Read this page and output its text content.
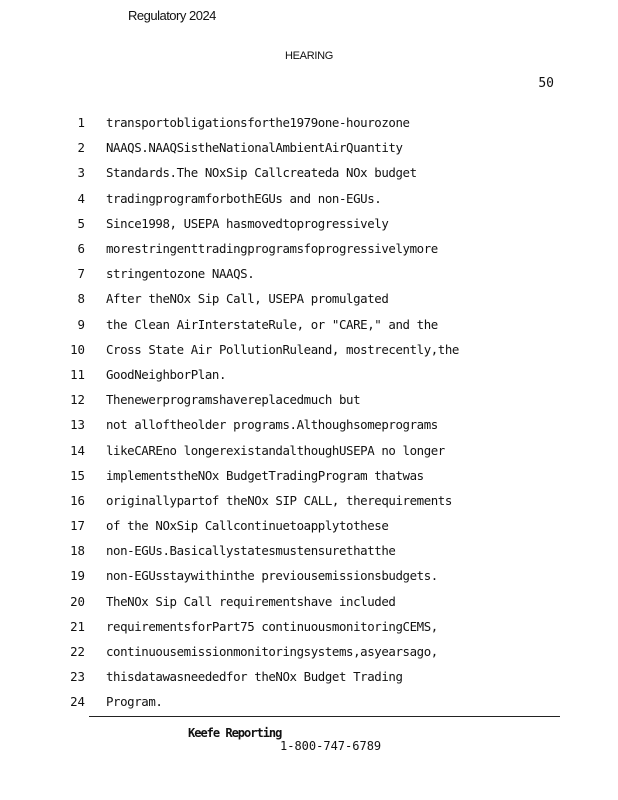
Regulatory 2024
HEARING
50
1 transportobligationsforthe1979one-hourozone
2 NAAQS.NAAQSistheNationalAmbientAirQuantity
3 Standards.The NOxSip Callcreateda NOx budget
4 tradingprogramforbothEGUs and non-EGUs.
5 Since1998, USEPA hasmovedtoprogressively
6 morestringenttradingprogramsfoprogressivelymore
7 stringentozone NAAQS.
8 After theNOx Sip Call, USEPA promulgated
9 the Clean AirInterstateRule, or "CARE," and the
10 Cross State Air PollutionRuleand, mostrecently,the
11 GoodNeighborPlan.
12 Thenewerprogramshavereplacedmuch but
13 not alloftheolder programs.Althoughsomeprograms
14 likeCAREno longerexistandalthoughUSEPA no longer
15 implementstheNOx BudgetTradingProgram thatwas
16 originallypartof theNOx SIP CALL, therequirements
17 of the NOxSip Callcontinuetoapplytothese
18 non-EGUs.Basicallystatesmustensurethatthe
19 non-EGUsstaywithinthe previousemissionsbudgets.
20 TheNOx Sip Call requirementshave included
21 requirementsforPart75 continuousmonitoringCEMS,
22 continuousemissionmonitoringsystems,asyearsago,
23 thisdatawasneededfor theNOx Budget Trading
24 Program.
Keefe Reporting
1-800-747-6789
